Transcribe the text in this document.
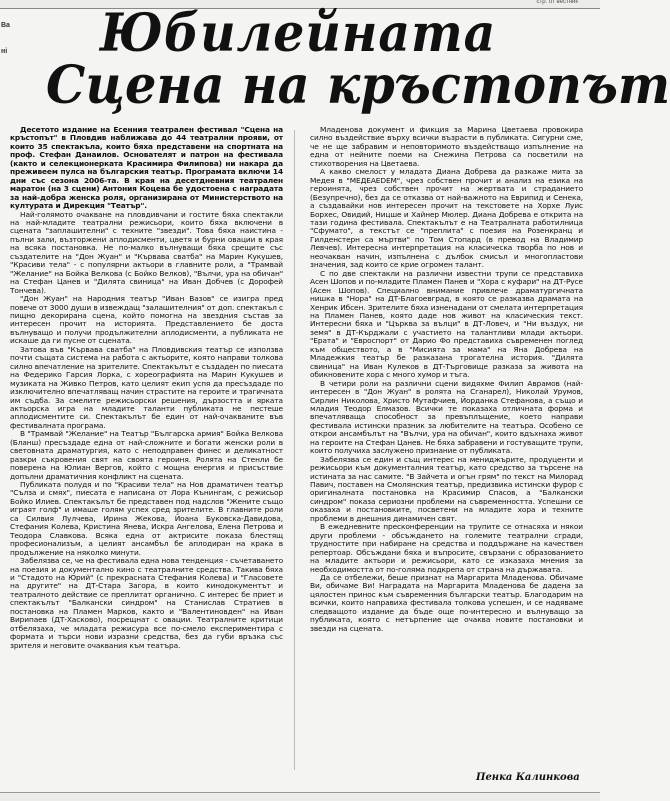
стр. от вестник
Ва
ні Юбилейната
Сцена на кръстопът

Десетото издание на Есенния театрален фестивал "Сцена на кръстопът" в Пловдив наближава до 44 театрални прояви, от които 35 спектакъла, които бяха представени на спортната на проф. Стефан Данаилов. Основателят и патрон на фестивала (както и селекционерката Красимира Филипова) ни накара да преживеем пулса на българския театър. Програмата включи 14 дни със сезона 2006-та. В края на десетдневния театрален маратон (на 3 сцени) Антония Коцева бе удостоена с наградата за най-добра женска роля, организирана от Министерството на културата и Дирекция "Театър".

Най-голямото очакване на пловдивчани и гостите бяха спектакли на най-младите театрални режисьори, които бяха включени в сцената "заплашителни" с техните "звезди". Това бяха наистина - пълни зали, възторжени аплодисменти, цветя и бурни овации в края на всяка постановка. Не по-малко вълнуващи бяха срещите със създателите на "Дон Жуан" и "Кървава сватба" на Марин Кукушев, "Красиви тела" - с популярни актьори в главните роли, а "Трамвай "Желание" на Бойка Велкова (с Бойко Велков), "Вълчи, ура на обичан" на Стефан Цанев и "Дилята свиница" на Иван Добчев (с Дорофей Тончева).

"Дон Жуан" на Народния театър "Иван Вазов" се изигра пред повече от 3000 души в извеждащ "залашителния" от доп. спектакъл с пищно декорирана сцена, който помогна на звездния състав за интересен прочит на историята. Представлението бе доста вълнуващо и получи продължителни аплодисменти, а публиката не искаше да ги пусне от сцената.

Затова във "Кървава сватба" на Пловдивския театър се използва почти същата система на работа с актьорите, която направи толкова силно впечатление на зрителите. Спектакълът е създаден по пиесата на Федерико Гарсия Лорка, с хореографията на Марин Кукушев и музиката на Живко Петров, като целият екип успя да пресъздаде по изключително впечатляващ начин страстите на героите и трагичната им съдба. За смелите режисьорски решения, дързостта и ярката актьорска игра на младите таланти публиката не пестеше аплодисментите си. Спектакълът бе един от най-очакваните във фестивалната програма.

В "Трамвай "Желание" на Театър "Българска армия" Бойка Велкова (Бланш) пресъздаде една от най-сложните и богати женски роли в световната драматургия, като с неподправен финес и деликатност разкри съкровения свят на своята героиня. Ролята на Стенли бе поверена на Юлиан Вергов, който с мощна енергия и присъствие допълни драматичния конфликт на сцената.

Публиката полудя и по "Красиви тела" на Нов драматичен театър "Сълза и смях", пиесата е написана от Лора Кънингам, с режисьор Бойко Илиев. Спектакълът бе представен под надслов "Жените също играят голф" и имаше голям успех сред зрителите. В главните роли са Силвия Лулчева, Ирина Жекова, Йоана Буковска-Давидова, Стефания Колева, Кристина Янева, Искра Ангелова, Елена Петрова и Теодора Славкова. Всяка една от актрисите показа блестящ професионализъм, а целият ансамбъл бе аплодиран на крака в продължение на няколко минути.

Забелязва се, че на фестивала една нова тенденция - съчетаването на поезия и документално кино с театралните средства. Такива бяха и "Стадото на Юрий" (с прекрасната Стефания Колева) и "Гласовете на другите" на ДТ-Стара Загора, в които кинодокументът и театралното действие се преплитат органично. С интерес бе приет и спектакълът "Балкански синдром" на Станислав Стратиев в постановка на Пламен Марков, както и "Валентиновден" на Иван Вирипаев (ДТ-Хасково), посрещнат с овации. Театралните критици отбелязаха, че младата режисура все по-смело експериментира с формата и търси нови изразни средства, без да губи връзка със зрителя и неговите очаквания към театъра.

Младенова документ и фикция за Марина Цветаева провокира силно въздействие върху всички възрасти в публиката. Сигурни сме, че не ще забравим и неповторимото въздействащо изпълнение на една от нейните поеми на Снежина Петрова са посветили на стихотворения на Цветаева.

А какво смелост у младата Диана Добрева да разкаже мита за Медея в "МЕДЕАЕDЕМ", чрез собствен прочит и анализ на езика на героинята, чрез собствен прочит на жертвата и страданието (Безупречно), без да се отказва от най-важното на Еврипид и Сенека, а създавайки нов интересен прочит на текстовете на Хорхе Луис Борхес, Овидий, Ницше и Хайнер Мюлер. Диана Добрева е открита на тази година фестивала. Спектакълът е на Театралната работилница "Сфумато", а текстът се "преплита" с поезия на Розенкранц и Гилденстерн са мъртви" по Том Стопард (в превод на Владимир Левчев). Интересна интерпретация на класическа творба по нов и неочакван начин, изпълнена с дълбок смисъл и многопластови значения, зад които се крие огромен талант.

С по две спектакли на различни известни трупи се представиха Асен Шопов и по-младите Пламен Панев и "Хора с куфари" на ДТ-Русе (Асен Шопов). Специално внимание привлече драматургичната нишка в "Нора" на ДТ-Благоевград, в която се разказва драмата на Хенрик Ибсен. Зрителите бяха изненадани от смелата интерпретация на Пламен Панев, която даде нов живот на класическия текст. Интересни бяха и "Църква за вълци" в ДТ-Ловеч, и "Ни въздух, ни земя" в ДТ-Кърджали с участието на талантливи млади актьори. "Ерата" и "Евроспорт" от Дарио Фо представиха съвременен поглед към обществото, а в "Мисията за мама" на Яна Добрева на Младежкия театър бе разказана трогателна история. "Дилята свиница" на Иван Кулеков в ДТ-Търговище разказа за живота на обикновените хора с много хумор и тъга.

В четири роли на различни сцени видяхме Филип Аврамов (най-интересен в "Дон Жуан" в ролята на Сганарел), Николай Урумов, Сирлин Николова, Христо Мутафчиев, Йорданка Стефанова, а също и младия Теодор Елмазов. Всички те показаха отличната форма и впечатляваща способност за превъплъщение, което направи фестивала истински празник за любителите на театъра. Особено се открои ансамбълът на "Вълчи, ура на обичан", които вдъхнаха живот на героите на Стефан Цанев. Не бяха забравени и гостуващите трупи, които получиха заслужено признание от публиката.

Забелязва се един и същ интерес на мениджърите, продуценти и режисьори към документалния театър, като средство за търсене на истината за нас самите. "В Зайчета и огън грям" по текст на Милорад Павич, поставен на Смолянския театър, предизвика истински фурор с оригиналната постановка на Красимир Спасов, а "Балкански синдром" показа сериозни проблеми на съвременността. Успешни се оказаха и постановките, посветени на младите хора и техните проблеми в днешния динамичен свят.

В ежедневните пресконференции на трупите се отнасяха и някои други проблеми - обсъждането на големите театрални сгради, трудностите при набиране на средства и поддържане на качествен репертоар. Обсъждани бяха и въпросите, свързани с образованието на младите актьори и режисьори, като се изказаха мнения за необходимостта от по-голяма подкрепа от страна на държавата.

Да се отбележи, беше признат на Маргарита Младенова. Обичаме Ви, обичаме Ви! Наградата на Маргарита Младенова бе дадена за цялостен принос към съвременния български театър. Благодарим на всички, които направиха фестивала толкова успешен, и се надяваме следващото издание да бъде още по-интересно и вълнуващо за публиката, която с нетърпение ще очаква новите постановки и звезди на сцената.

Пенка Калинкова
